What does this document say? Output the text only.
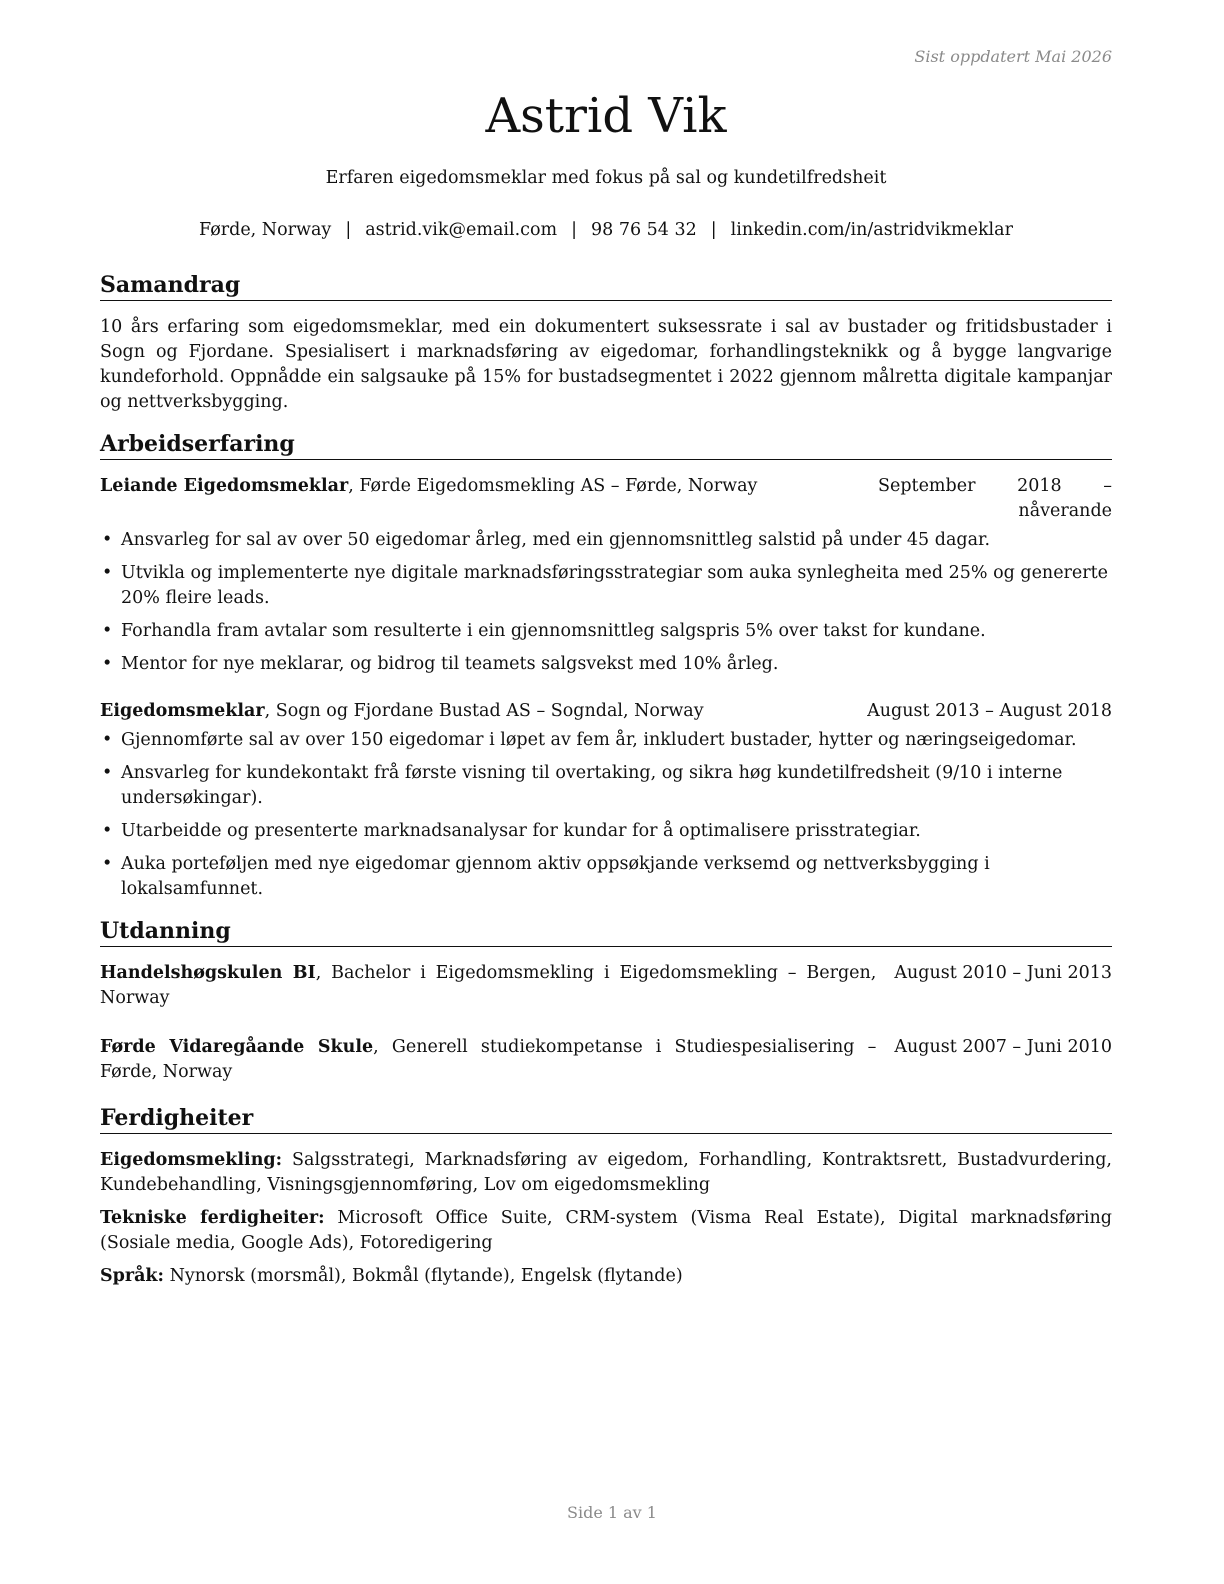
Sist oppdatert Mai 2026
Astrid Vik
Erfaren eigedomsmeklar med fokus på sal og kundetilfredsheit
Førde, Norway | astrid.vik@email.com | 98 76 54 32 | linkedin.com/in/astridvikmeklar
Samandrag

10 års erfaring som eigedomsmeklar, med ein dokumentert suksessrate i sal av bustader og fritidsbustader i Sogn og Fjordane. Spesialisert i marknadsføring av eigedomar, forhandlingsteknikk og å bygge langvarige kundeforhold. Oppnådde ein salgsauke på 15% for bustadsegmentet i 2022 gjennom målretta digitale kampanjar og nettverksbygging.

Arbeidserfaring
Leiande Eigedomsmeklar, Førde Eigedomsmekling AS – Førde, Norway	September 2018 – nåverande
• Ansvarleg for sal av over 50 eigedomar årleg, med ein gjennomsnittleg salstid på under 45 dagar.
• Utvikla og implementerte nye digitale marknadsføringsstrategiar som auka synlegheita med 25% og genererte 20% fleire leads.
• Forhandla fram avtalar som resulterte i ein gjennomsnittleg salgspris 5% over takst for kundane.
• Mentor for nye meklarar, og bidrog til teamets salgsvekst med 10% årleg.
Eigedomsmeklar, Sogn og Fjordane Bustad AS – Sogndal, Norway	August 2013 – August 2018
• Gjennomførte sal av over 150 eigedomar i løpet av fem år, inkludert bustader, hytter og næringseigedomar.
• Ansvarleg for kundekontakt frå første visning til overtaking, og sikra høg kundetilfredsheit (9/10 i interne undersøkingar).
• Utarbeidde og presenterte marknadsanalysar for kundar for å optimalisere prisstrategiar.
• Auka porteføljen med nye eigedomar gjennom aktiv oppsøkjande verksemd og nettverksbygging i lokalsamfunnet.
Utdanning
Handelshøgskulen BI, Bachelor i Eigedomsmekling i Eigedomsmekling – Bergen, Norway
August 2010 – Juni 2013
Førde Vidaregåande Skule, Generell studiekompetanse i Studiespesialisering – Førde, Norway
August 2007 – Juni 2010
Ferdigheiter
Eigedomsmekling: Salgsstrategi, Marknadsføring av eigedom, Forhandling, Kontraktsrett, Bustadvurdering, Kundebehandling, Visningsgjennomføring, Lov om eigedomsmekling
Tekniske ferdigheiter: Microsoft Office Suite, CRM-system (Visma Real Estate), Digital marknadsføring (Sosiale media, Google Ads), Fotoredigering
Språk: Nynorsk (morsmål), Bokmål (flytande), Engelsk (flytande)
Side 1 av 1
